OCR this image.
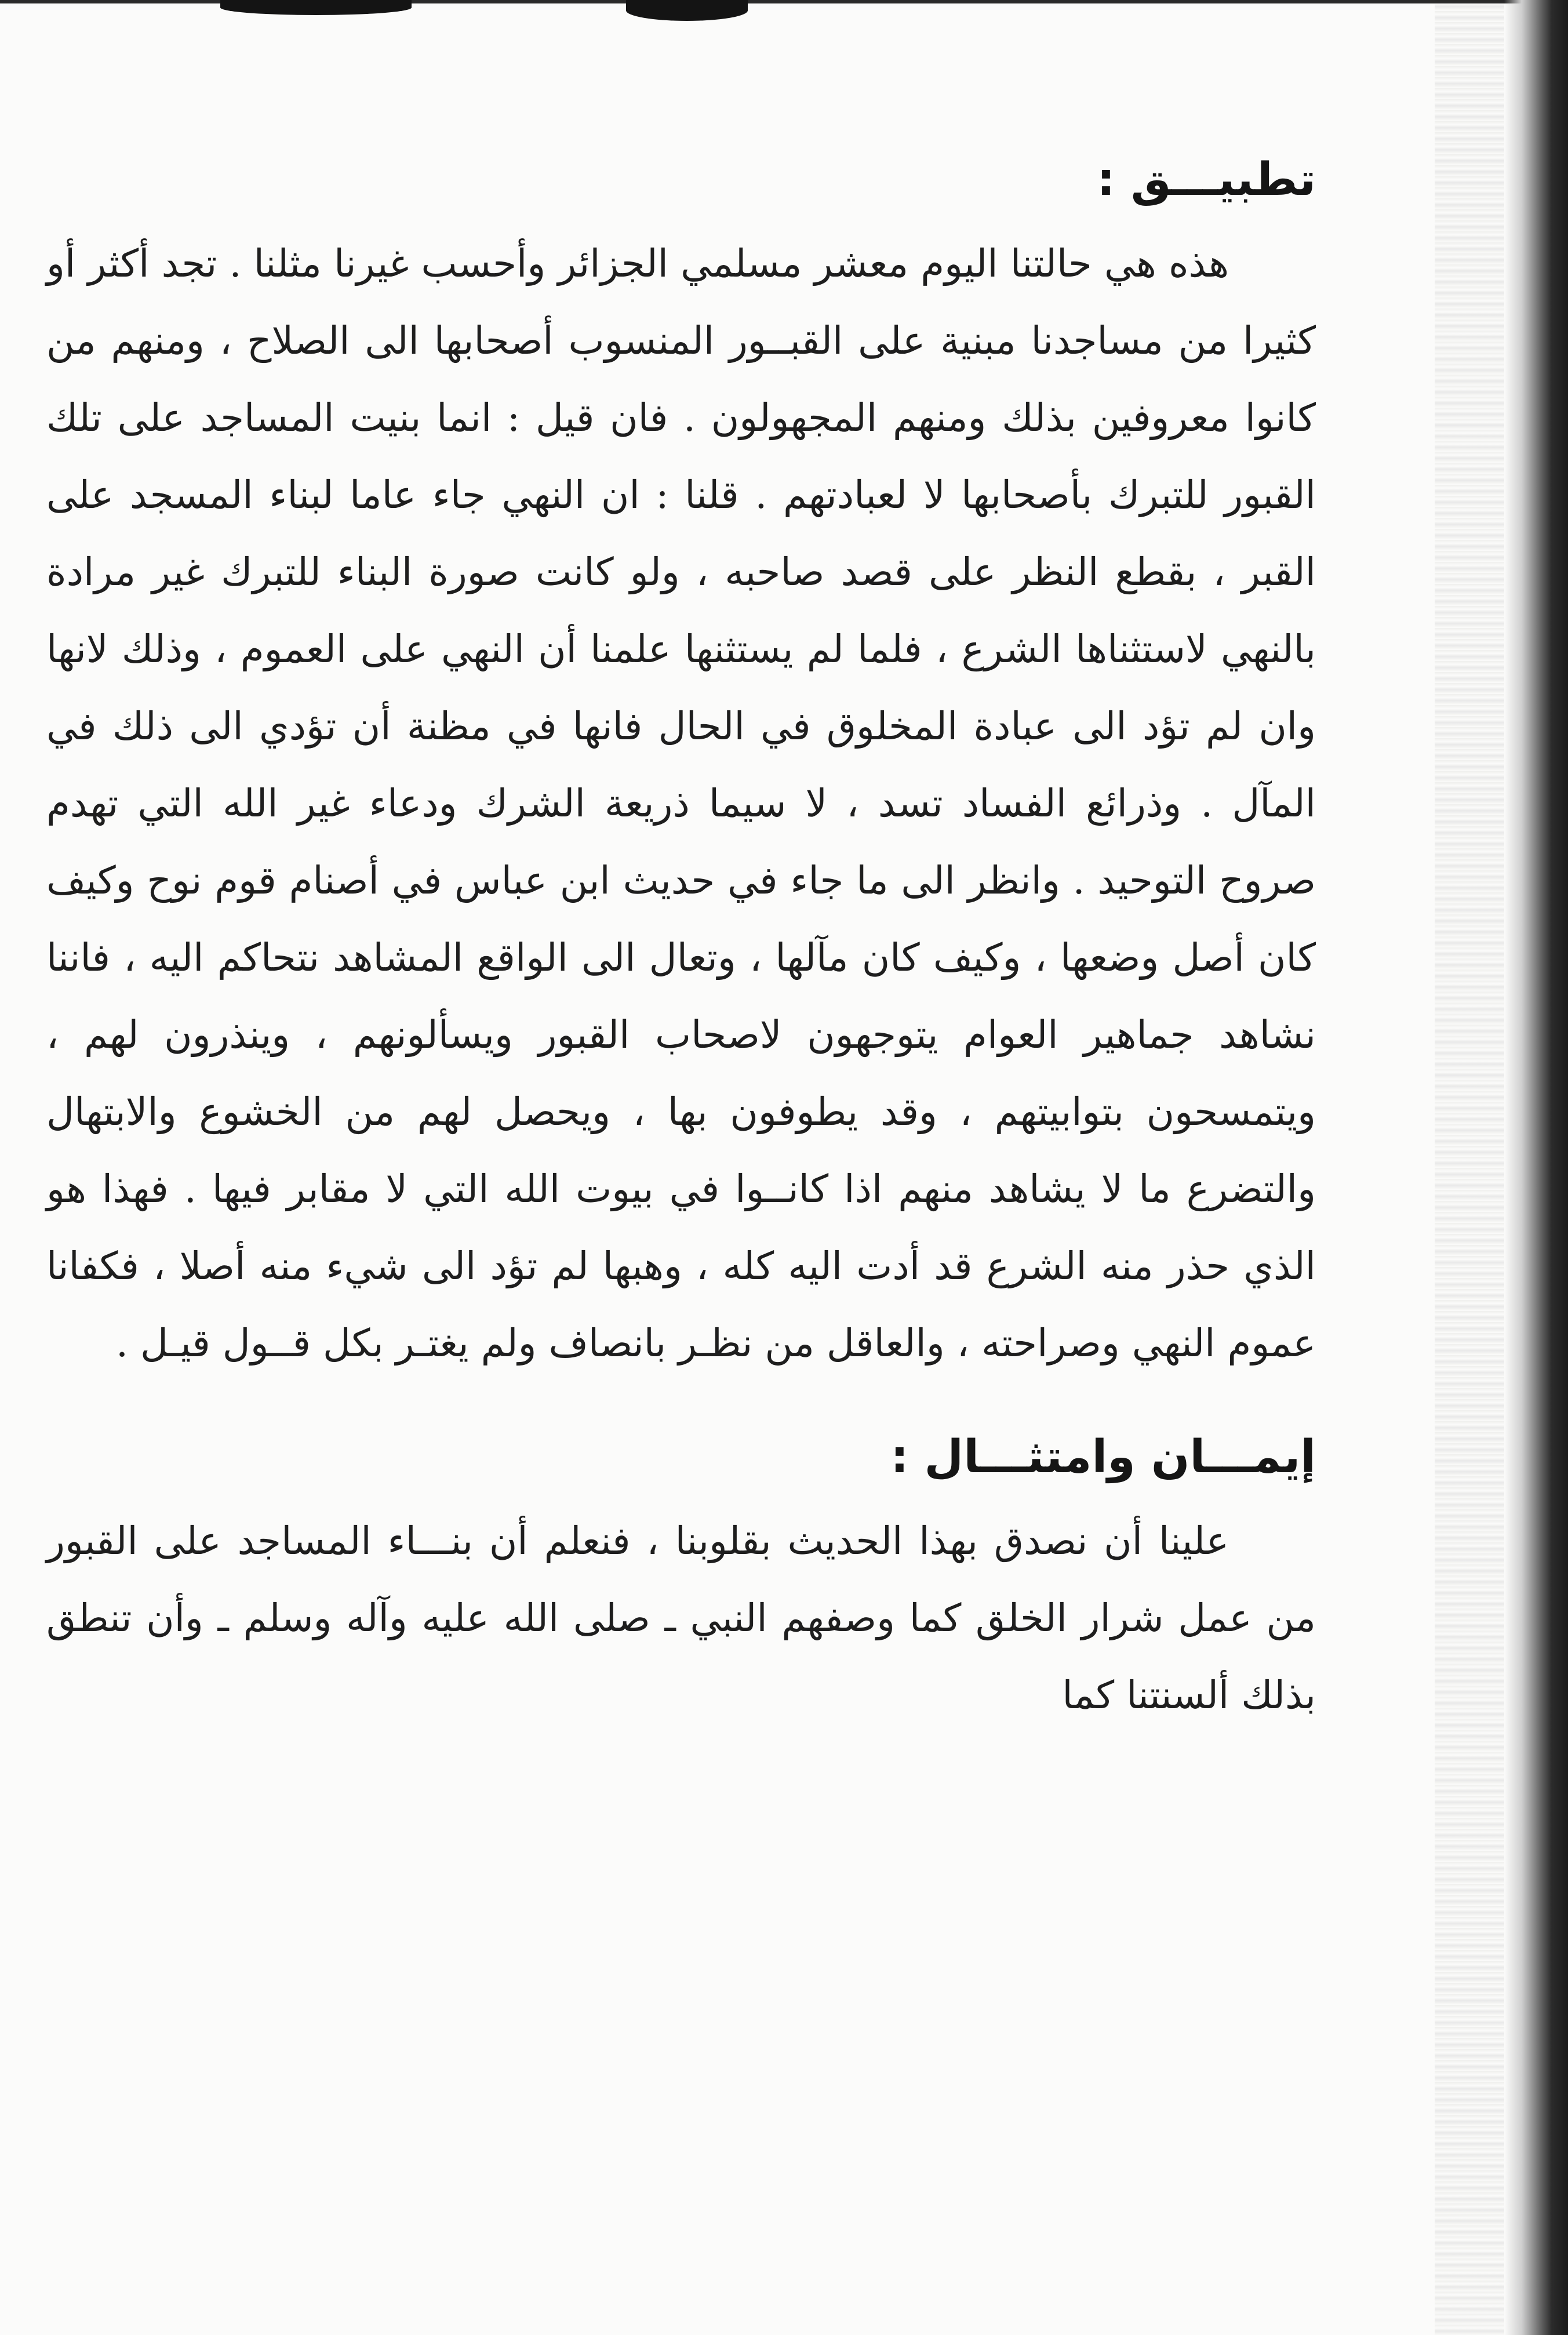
تطبيـــق :

هذه هي حالتنا اليوم معشر مسلمي الجزائر وأحسب غيرنا مثلنا . تجد أكثر أو كثيرا من مساجدنا مبنية على القبــور المنسوب أصحابها الى الصلاح ، ومنهم من كانوا معروفين بذلك ومنهم المجهولون . فان قيل : انما بنيت المساجد على تلك القبور للتبرك بأصحابها لا لعبادتهم . قلنا : ان النهي جاء عاما لبناء المسجد على القبر ، بقطع النظر على قصد صاحبه ، ولو كانت صورة البناء للتبرك غير مرادة بالنهي لاستثناها الشرع ، فلما لم يستثنها علمنا أن النهي على العموم ، وذلك لانها وان لم تؤد الى عبادة المخلوق في الحال فانها في مظنة أن تؤدي الى ذلك في المآل . وذرائع الفساد تسد ، لا سيما ذريعة الشرك ودعاء غير الله التي تهدم صروح التوحيد . وانظر الى ما جاء في حديث ابن عباس في أصنام قوم نوح وكيف كان أصل وضعها ، وكيف كان مآلها ، وتعال الى الواقع المشاهد نتحاكم اليه ، فاننا نشاهد جماهير العوام يتوجهون لاصحاب القبور ويسألونهم ، وينذرون لهم ، ويتمسحون بتوابيتهم ، وقد يطوفون بها ، ويحصل لهم من الخشوع والابتهال والتضرع ما لا يشاهد منهم اذا كانــوا في بيوت الله التي لا مقابر فيها . فهذا هو الذي حذر منه الشرع قد أدت اليه كله ، وهبها لم تؤد الى شيء منه أصلا ، فكفانا عموم النهي وصراحته ، والعاقل من نظـر بانصاف ولم يغتـر بكل قــول قيـل .

إيمـــان وامتثـــال :

علينا أن نصدق بهذا الحديث بقلوبنا ، فنعلم أن بنـــاء المساجد على القبور من عمل شرار الخلق كما وصفهم النبي ـ صلى الله عليه وآله وسلم ـ وأن تنطق بذلك ألسنتنا كما
